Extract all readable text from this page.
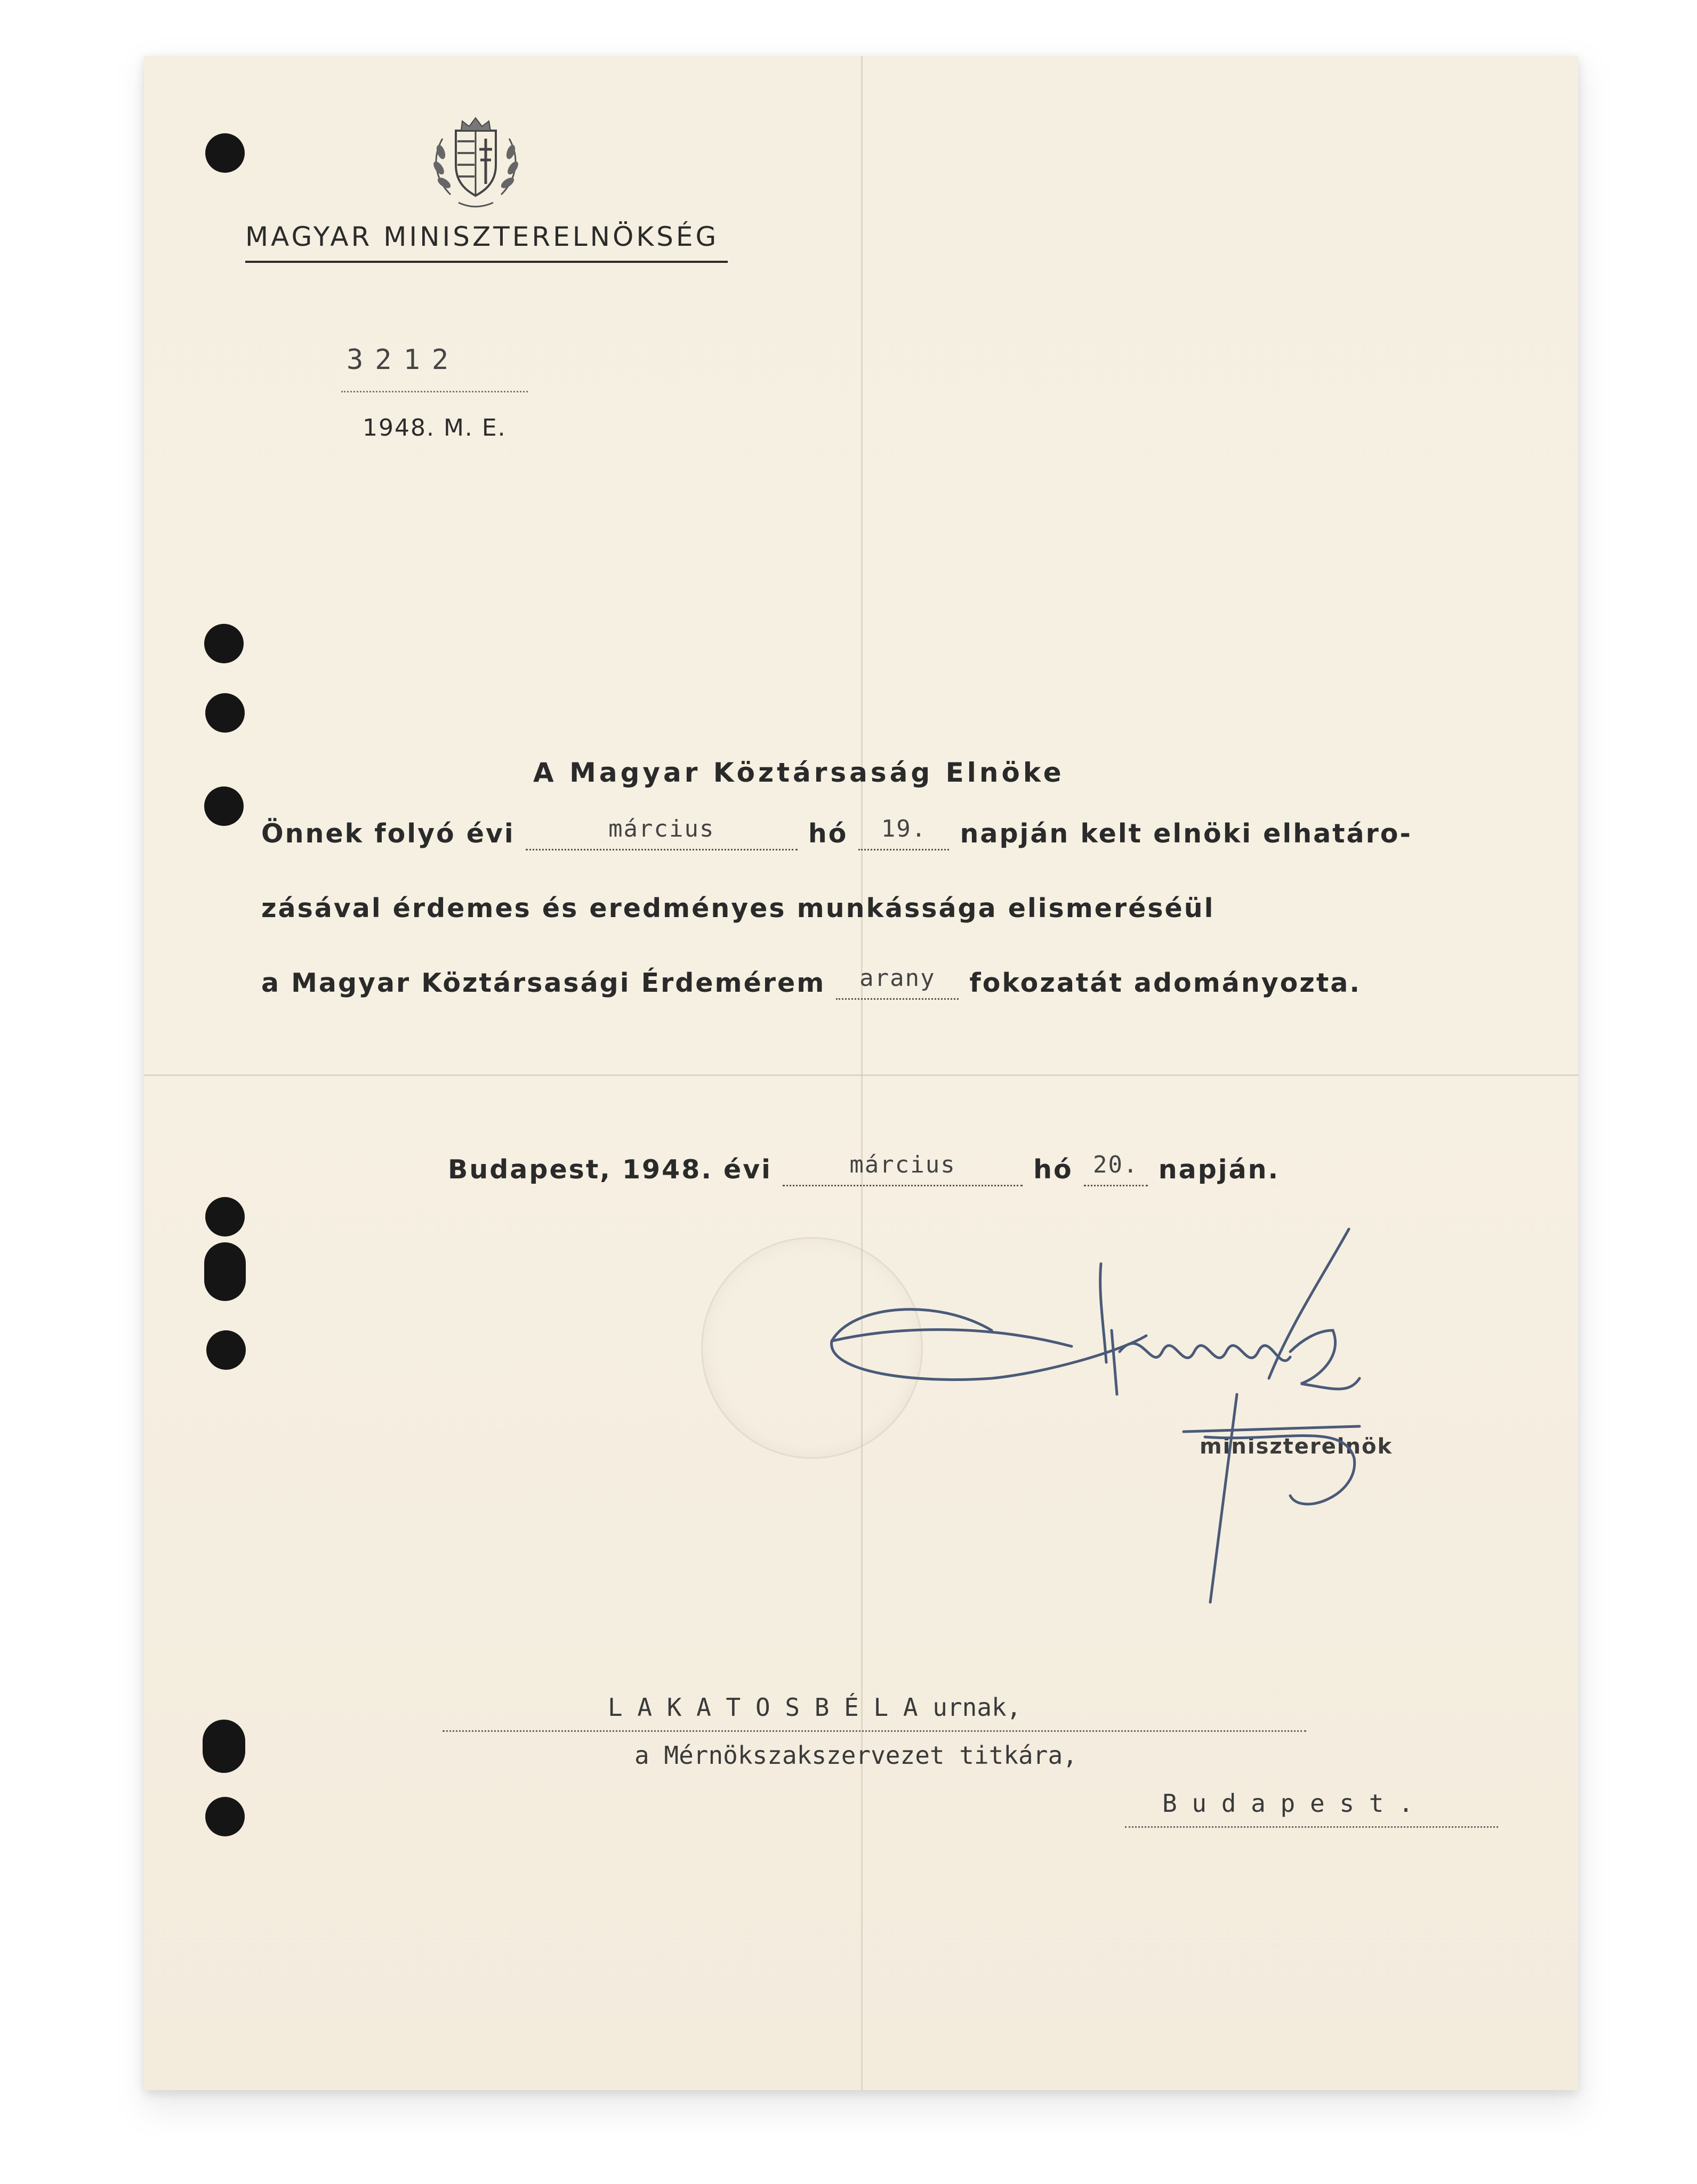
MAGYAR MINISZTERELNÖKSÉG
3212
1948. M. E.
A Magyar Köztársaság Elnöke
Önnek folyó évi	március	hó	19.	napján kelt elnöki elhatáro-
zásával érdemes és eredményes munkássága elismeréséül
a Magyar Köztársasági Érdemérem	arany	fokozatát adományozta.
Budapest, 1948. évi	március	hó 20. napján.
miniszterelnök
L A K A T O S B É L A urnak,
a Mérnökszakszervezet titkára,
B u d a p e s t .
